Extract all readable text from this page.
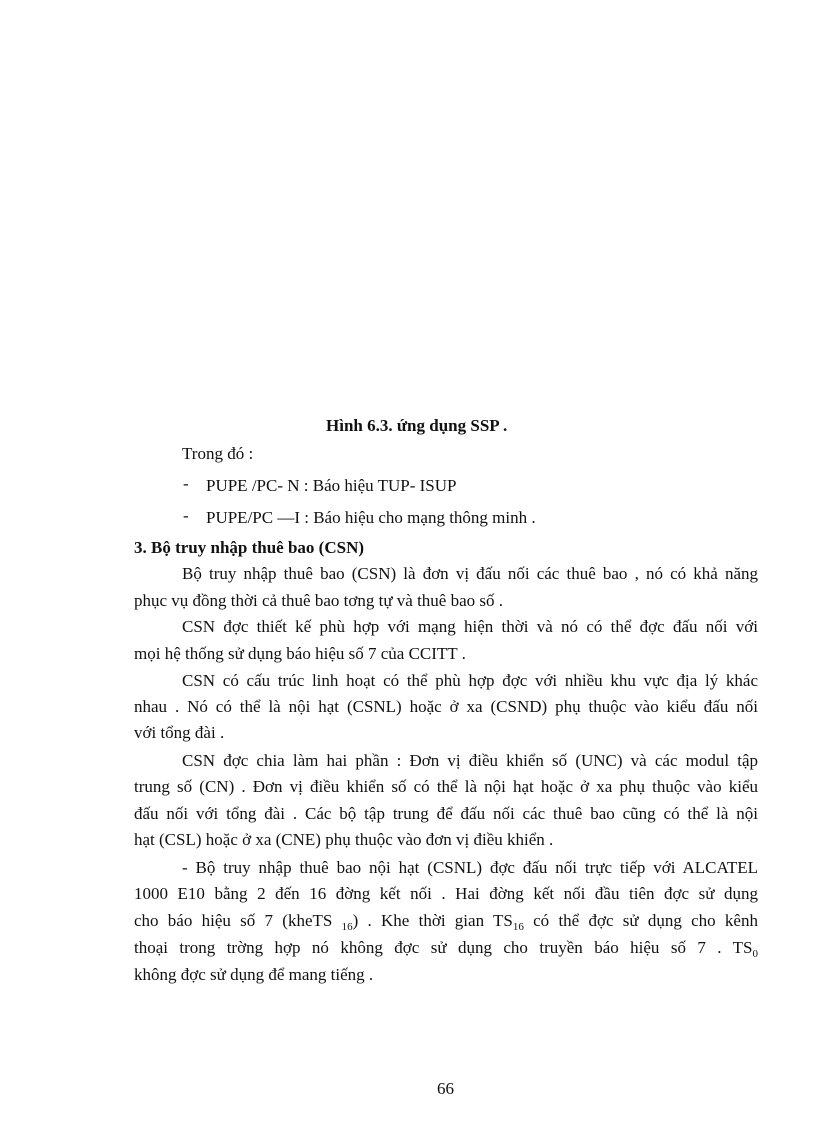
Hình 6.3. ứng dụng SSP .
Trong đó :
- PUPE /PC- N : Báo hiệu TUP- ISUP
- PUPE/PC —I : Báo hiệu cho mạng thông minh .
3. Bộ truy nhập thuê bao (CSN)
Bộ truy nhập thuê bao (CSN) là đơn vị đấu nối các thuê bao , nó có khả năng
phục vụ đồng thời cả thuê bao tơng tự và thuê bao số .
CSN đợc thiết kế phù hợp với mạng hiện thời và nó có thể đợc đấu nối với
mọi hệ thống sử dụng báo hiệu số 7 của CCITT .
CSN có cấu trúc linh hoạt có thể phù hợp đợc với nhiều khu vực địa lý khác
nhau . Nó có thể là nội hạt (CSNL) hoặc ở xa (CSND) phụ thuộc vào kiểu đấu nối
với tổng đài .
CSN đợc chia làm hai phần : Đơn vị điều khiển số (UNC) và các modul tập
trung số (CN) . Đơn vị điều khiển số có thể là nội hạt hoặc ở xa phụ thuộc vào kiểu
đấu nối với tổng đài . Các bộ tập trung để đấu nối các thuê bao cũng có thể là nội
hạt (CSL) hoặc ở xa (CNE) phụ thuộc vào đơn vị điều khiển .
- Bộ truy nhập thuê bao nội hạt (CSNL) đợc đấu nối trực tiếp với ALCATEL
1000 E10 bằng 2 đến 16 đờng kết nối . Hai đờng kết nối đầu tiên đợc sử dụng
cho báo hiệu số 7 (kheTS $_{16}$) . Khe thời gian $TS_{16}$ có thể đợc sử dụng cho kênh
thoại trong trờng hợp nó không đợc sử dụng cho truyền báo hiệu số 7 . $TS_0$
không đợc sử dụng để mang tiếng .
66
